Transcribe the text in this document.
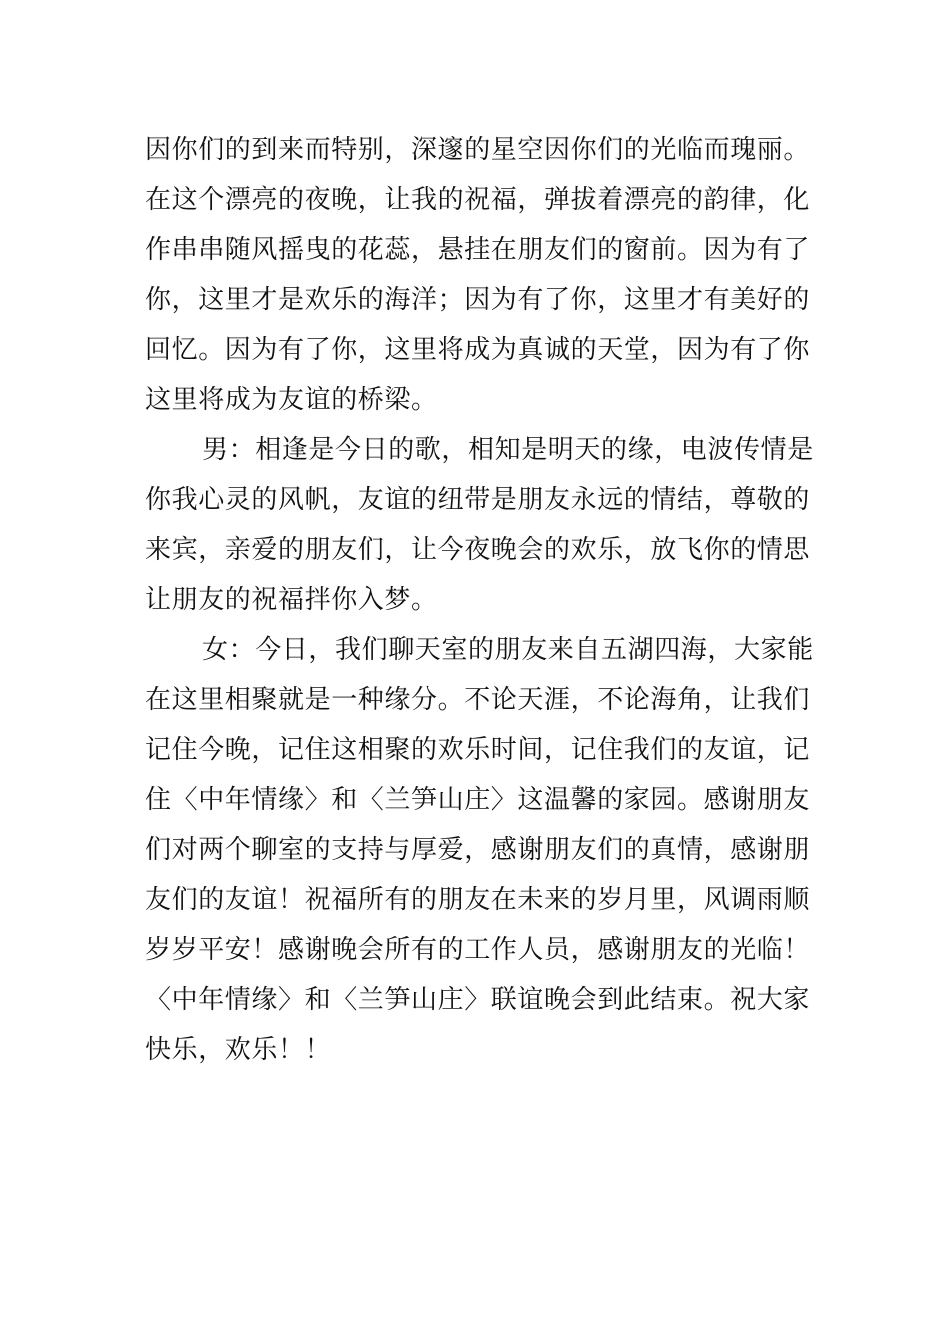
因你们的到来而特别，深邃的星空因你们的光临而瑰丽。
在这个漂亮的夜晚，让我的祝福，弹拔着漂亮的韵律，化
作串串随风摇曳的花蕊，悬挂在朋友们的窗前。因为有了
你，这里才是欢乐的海洋；因为有了你，这里才有美好的
回忆。因为有了你，这里将成为真诚的天堂，因为有了你
这里将成为友谊的桥梁。
男：相逢是今日的歌，相知是明天的缘，电波传情是
你我心灵的风帆，友谊的纽带是朋友永远的情结，尊敬的
来宾，亲爱的朋友们，让今夜晚会的欢乐，放飞你的情思
让朋友的祝福拌你入梦。
女：今日，我们聊天室的朋友来自五湖四海，大家能
在这里相聚就是一种缘分。不论天涯，不论海角，让我们
记住今晚，记住这相聚的欢乐时间，记住我们的友谊，记
住〈中年情缘〉和〈兰笋山庄〉这温馨的家园。感谢朋友
们对两个聊室的支持与厚爱，感谢朋友们的真情，感谢朋
友们的友谊！祝福所有的朋友在未来的岁月里，风调雨顺
岁岁平安！感谢晚会所有的工作人员，感谢朋友的光临！
〈中年情缘〉和〈兰笋山庄〉联谊晚会到此结束。祝大家
快乐，欢乐！！
